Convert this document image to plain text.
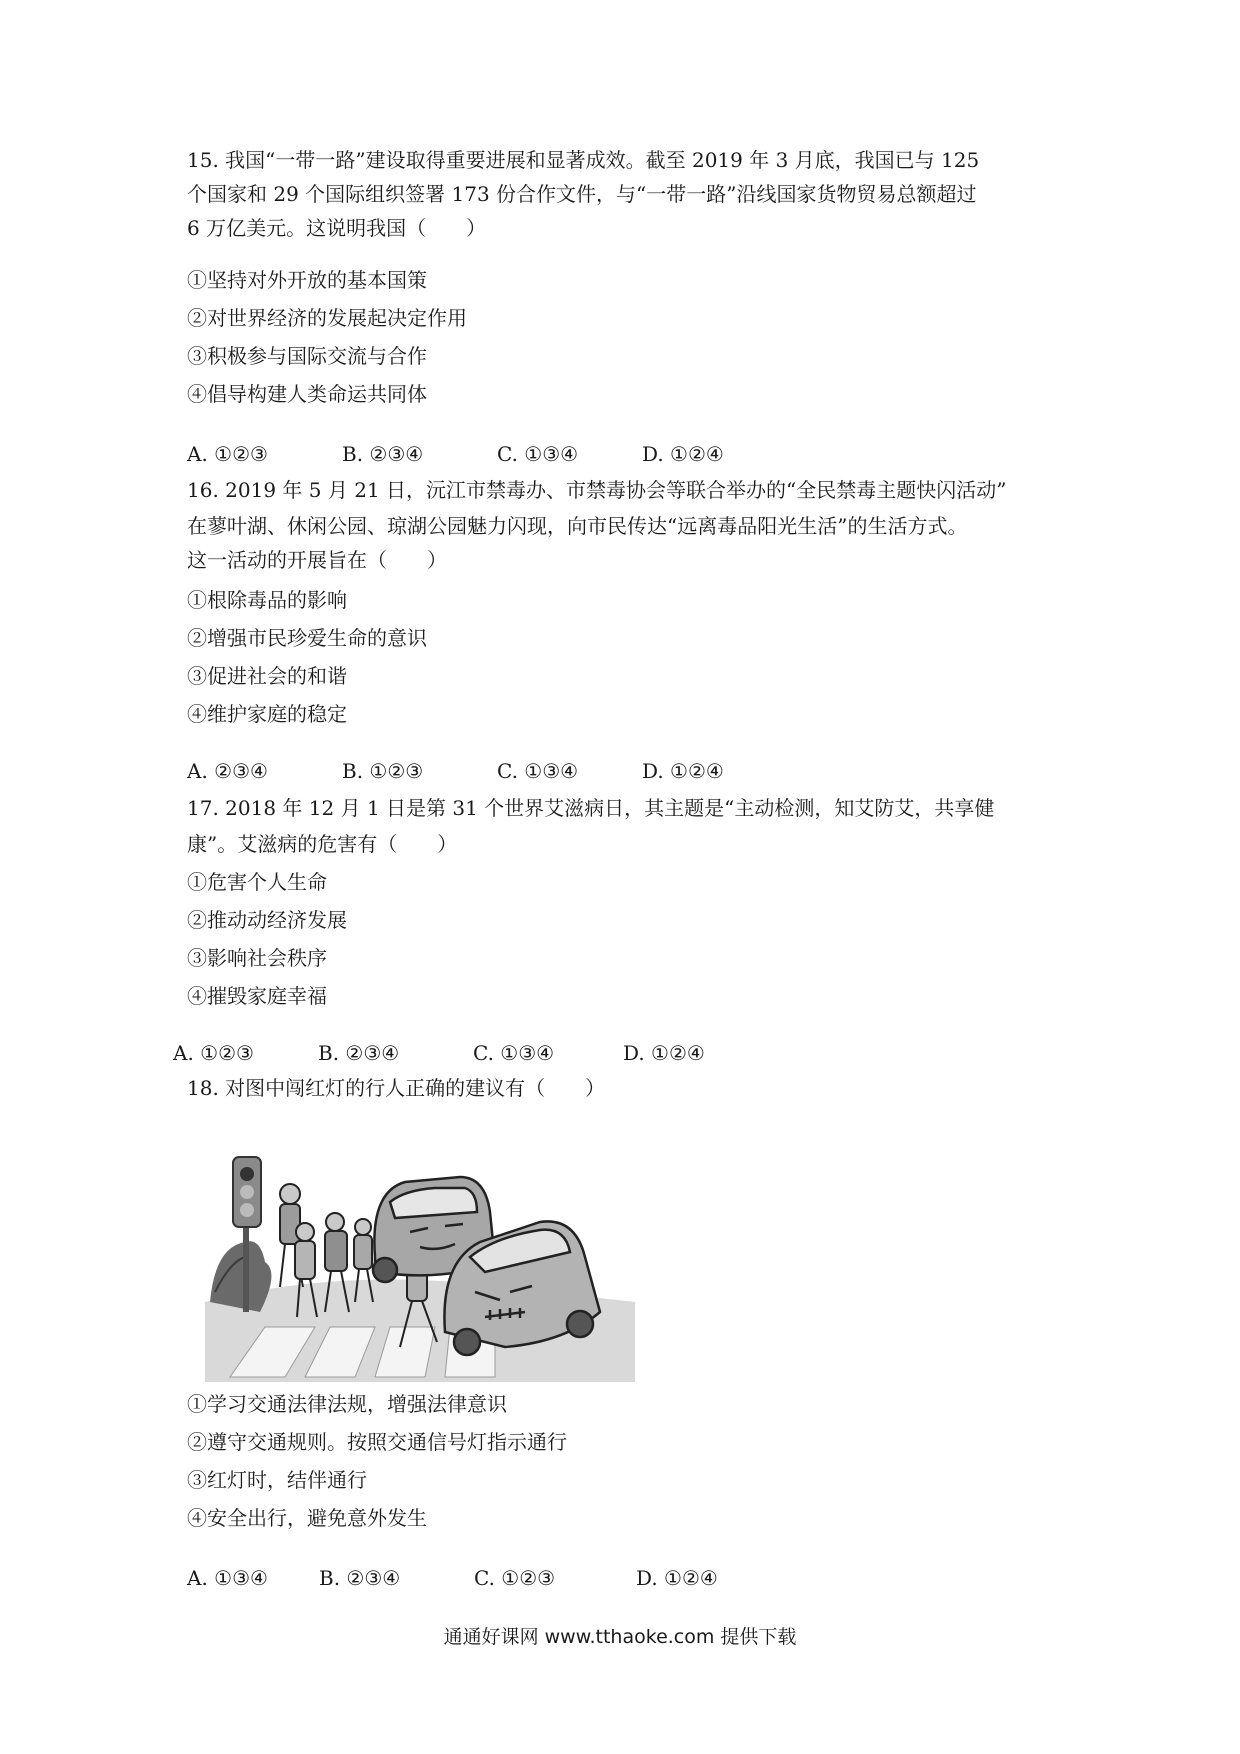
15. 我国“一带一路”建设取得重要进展和显著成效。截至 2019 年 3 月底，我国已与 125
个国家和 29 个国际组织签署 173 份合作文件，与“一带一路”沿线国家货物贸易总额超过
6 万亿美元。这说明我国（　　）
①坚持对外开放的基本国策
②对世界经济的发展起决定作用
③积极参与国际交流与合作
④倡导构建人类命运共同体
A. ①②③	B. ②③④	C. ①③④	D. ①②④
16. 2019 年 5 月 21 日，沅江市禁毒办、市禁毒协会等联合举办的“全民禁毒主题快闪活动”
在蓼叶湖、休闲公园、琼湖公园魅力闪现，向市民传达“远离毒品阳光生活”的生活方式。
这一活动的开展旨在（　　）
①根除毒品的影响
②增强市民珍爱生命的意识
③促进社会的和谐
④维护家庭的稳定
A. ②③④	B. ①②③	C. ①③④	D. ①②④
17. 2018 年 12 月 1 日是第 31 个世界艾滋病日，其主题是“主动检测，知艾防艾，共享健
康”。艾滋病的危害有（　　）
①危害个人生命
②推动动经济发展
③影响社会秩序
④摧毁家庭幸福
A. ①②③	B. ②③④	C. ①③④	D. ①②④
18. 对图中闯红灯的行人正确的建议有（　　）
①学习交通法律法规，增强法律意识
②遵守交通规则。按照交通信号灯指示通行
③红灯时，结伴通行
④安全出行，避免意外发生
A. ①③④	B. ②③④	C. ①②③	D. ①②④
通通好课网 www.tthaoke.com 提供下载
